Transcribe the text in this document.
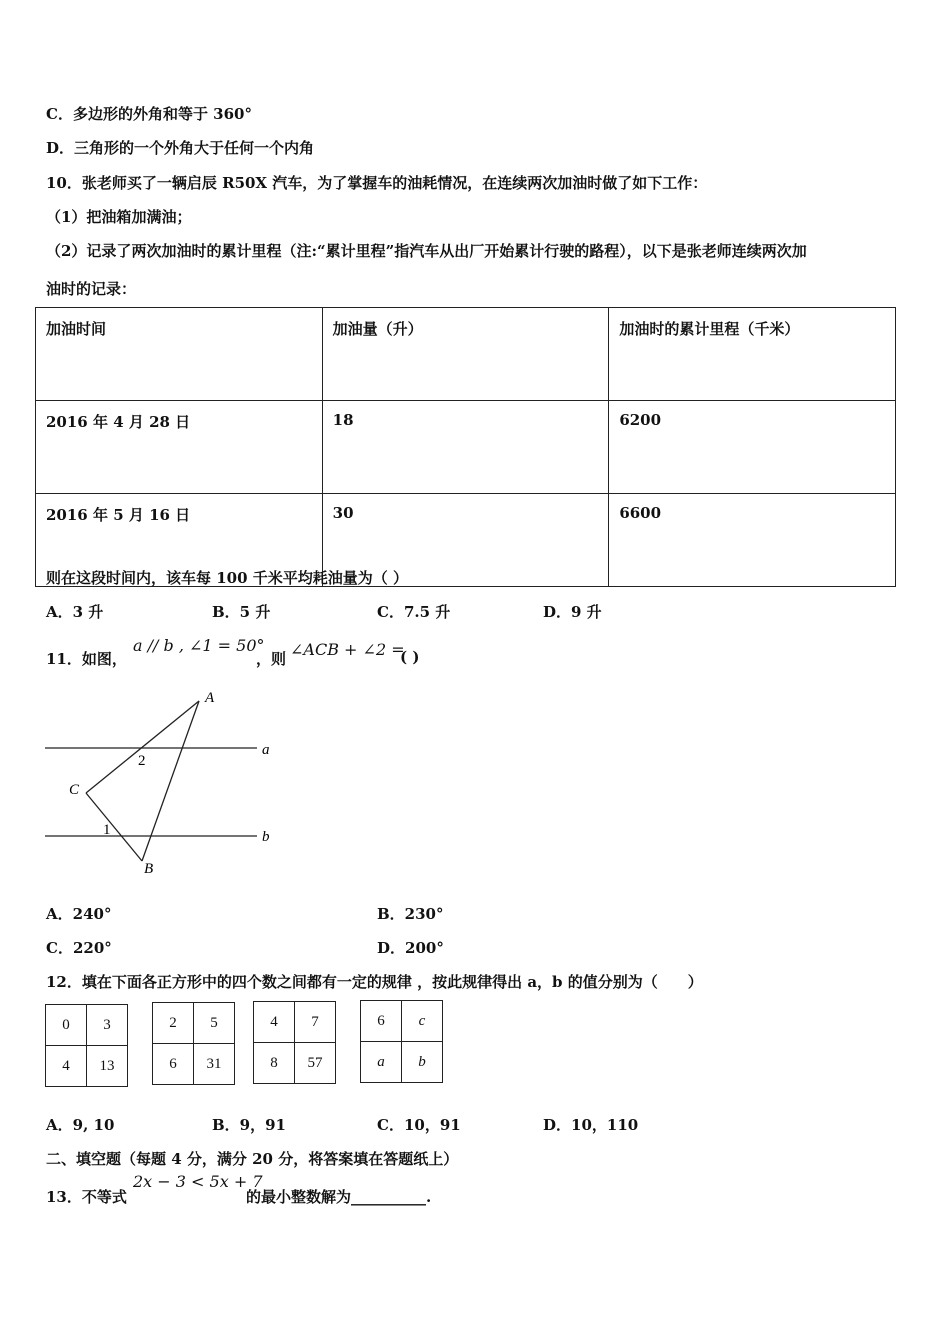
C．多边形的外角和等于 360°
D．三角形的一个外角大于任何一个内角
10．张老师买了一辆启辰 R50X 汽车，为了掌握车的油耗情况，在连续两次加油时做了如下工作：
（1）把油箱加满油；
（2）记录了两次加油时的累计里程（注:“累计里程”指汽车从出厂开始累计行驶的路程），以下是张老师连续两次加
油时的记录：
加油时间	加油量（升）	加油时的累计里程（千米）
2016 年 4 月 28 日	18	6200
2016 年 5 月 16 日	30	6600
则在这段时间内，该车每 100 千米平均耗油量为（ ）
A．3 升	B．5 升	C．7.5 升	D．9 升
11．如图，
a // b , ∠1 = 50°
，则 ∠ACB + ∠2 =
( )
A
C
B
a
b
2
1
A．240°	B．230°
C．220°	D．200°
12．填在下面各正方形中的四个数之间都有一定的规律 ，按此规律得出 a，b 的值分别为（　　）
0	3
4	13
2	5
6	31
4	7
8	57
6	c
a	b
A．9, 10	B．9，91	C．10，91	D．10，110
二、填空题（每题 4 分，满分 20 分，将答案填在答题纸上）
13．不等式
2x − 3 < 5x + 7
的最小整数解为__________.
